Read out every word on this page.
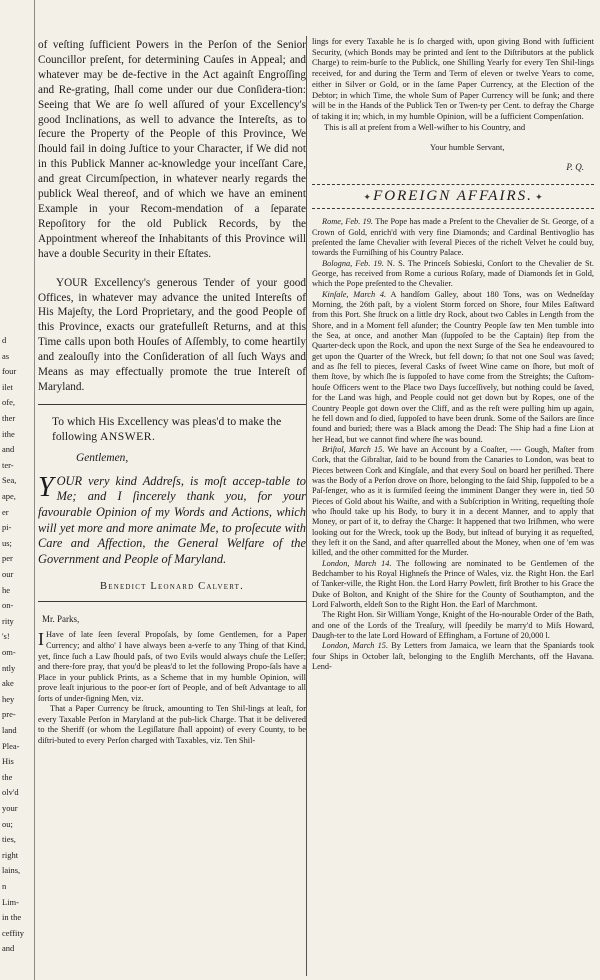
d
as
four
ilet
ofe,
ther
ithe
and
ter-
Sea,
ape,
er
pi-
us;
per
our
he
on-
rity
's!
om-
ntly
ake
hey
pre-
land
Plea-
His
the
olv'd
your
ou;
ties,
right
lains,
n
Lim-
in the
ceffity
and

of veſting ſufficient Powers in the Perſon of the Senior Councillor preſent, for determining Cauſes in Appeal; and whatever may be de-fective in the Act againſt Engroſſing and Re-grating, ſhall come under our due Conſidera-tion: Seeing that We are ſo well aſſured of your Excellency's good Inclinations, as well to advance the Intereſts, as to ſecure the Property of the People of this Province, We ſhould fail in doing Juſtice to your Character, if We did not in this Publick Manner ac-knowledge your inceſſant Care, and great Circumſpection, in whatever nearly regards the publick Weal thereof, and of which we have an eminent Example in your Recom-mendation of a ſeparate Repoſitory for the old Publick Records, by the Appointment whereof the Inhabitants of this Province will have a double Security in their Eſtates.

YOUR Excellency's generous Tender of your good Offices, in whatever may advance the united Intereſts of His Majeſty, the Lord Proprietary, and the good People of this Province, exacts our gratefulleſt Returns, and at this Time calls upon both Houſes of Aſſembly, to come heartily and zealouſly into the Conſideration of all ſuch Ways and Means as may effectually promote the true Intereſt of Maryland.

To which His Excellency was pleas'd to make the following ANSWER.

Gentlemen,

YOUR very kind Addreſs, is moſt accep-table to Me; and I ſincerely thank you, for your favourable Opinion of my Words and Actions, which will yet more and more animate Me, to proſecute with Care and Affection, the General Welfare of the Government and People of Maryland.

Benedict Leonard Calvert.
Mr. Parks,

I Have of late ſeen ſeveral Propoſals, by ſome Gentlemen, for a Paper Currency; and altho' I have always been a-verſe to any Thing of that Kind, yet, ſince ſuch a Law ſhould paſs, of two Evils would always chuſe the Leſſer; and there-fore pray, that you'd be pleas'd to let the following Propo-ſals have a Place in your publick Prints, as a Scheme that in my humble Opinion, will prove leaſt injurious to the poor-er ſort of People, and of beſt Advantage to all ſorts of under-ſigning Men, viz.

That a Paper Currency be ſtruck, amounting to Ten Shil-lings at leaſt, for every Taxable Perſon in Maryland at the pub-lick Charge. That it be delivered to the Sheriff (or whom the Legiſlature ſhall appoint) of every County, to be diſtri-buted to every Perſon charged with Taxables, viz. Ten Shil-

lings for every Taxable he is ſo charged with, upon giving Bond with ſufficient Security, (which Bonds may be printed and ſent to the Diſtributors at the publick Charge) to reim-burſe to the Publick, one Shilling Yearly for every Ten Shil-lings received, for and during the Term and Term of eleven or twelve Years to come, either in Silver or Gold, or in the ſame Paper Currency, at the Election of the Debtor; in which Time, the whole Sum of Paper Currency will be ſunk; and there will be in the Hands of the Publick Ten or Twen-ty per Cent. to defray the Charge of taking it in; which, in my humble Opinion, will be a ſufficient Compenſation.

This is all at preſent from a Well-wiſher to his Country, and

Your humble Servant,
P. Q.
✦ FOREIGN AFFAIRS. ✦

Rome, Feb. 19. The Pope has made a Preſent to the Chevalier de St. George, of a Crown of Gold, enrich'd with very fine Diamonds; and Cardinal Bentivoglio has preſented the ſame Chevalier with ſeveral Pieces of the richeſt Velvet he could buy, towards the Furniſhing of his Country Palace.

Bologna, Feb. 19. N. S. The Princeſs Sobieski, Conſort to the Chevalier de St. George, has received from Rome a curious Roſary, made of Diamonds ſet in Gold, which the Pope preſented to the Chevalier.

Kinſale, March 4. A handſom Galley, about 180 Tons, was on Wedneſday Morning, the 26th paſt, by a violent Storm forced on Shore, four Miles Eaſtward from this Port. She ſtruck on a little dry Rock, about two Cables in Length from the Shore, and in a Moment fell aſunder; the Country People ſaw ten Men tumble into the Sea, at once, and another Man (ſuppoſed to be the Captain) ſtep from the Quarter-deck upon the Rock, and upon the next Surge of the Sea he endeavoured to get upon the Quarter of the Wreck, but fell down; ſo that not one Soul was ſaved; and as ſhe fell to pieces, ſeveral Casks of ſweet Wine came on ſhore, but moſt of them ſtove, by which ſhe is ſuppoſed to have come from the Streights; the Cuſtom-houſe Officers went to the Place two Days ſucceſſively, but nothing could be ſaved, for the Land was high, and People could not get down but by Ropes, one of the Country People got down over the Cliff, and as the reſt were pulling him up again, he fell down and ſo died, ſuppoſed to have been drunk. Some of the Sailors are ſince found and buried; there was a Black among the Dead: The Ship had a fine Lion at her Head, but we cannot find where ſhe was bound.

Briſtol, March 15. We have an Account by a Coaſter, ---- Gough, Maſter from Cork, that the Gibraltar, ſaid to be bound from the Canaries to London, was beat to Pieces between Cork and Kingſale, and that every Soul on board her periſhed. There was the Body of a Perſon drove on ſhore, belonging to the ſaid Ship, ſuppoſed to be a Paſ-ſenger, who as it is ſurmiſed ſeeing the imminent Danger they were in, tied 50 Pieces of Gold about his Waiſte, and with a Subſcription in Writing, requeſting thoſe who ſhould take up his Body, to bury it in a decent Manner, and to apply that Money, or part of it, to defray the Charge: It happened that two Iriſhmen, who were looking out for the Wreck, took up the Body, but inſtead of burying it as requeſted, they left it on the Sand, and after quarrelled about the Money, when one of 'em was killed, and the other committed for the Murder.

London, March 14. The following are nominated to be Gentlemen of the Bedchamber to his Royal Highneſs the Prince of Wales, viz. the Right Hon. the Earl of Tanker-ville, the Right Hon. the Lord Harry Powlett, firſt Brother to his Grace the Duke of Bolton, and Knight of the Shire for the County of Southampton, and the Lord Falworth, eldeſt Son to the Right Hon. the Earl of Marchmont.

The Right Hon. Sir William Yonge, Knight of the Ho-nourable Order of the Bath, and one of the Lords of the Treaſury, will ſpeedily be marry'd to Miſs Howard, Daugh-ter to the late Lord Howard of Effingham, a Fortune of 20,000 l.

London, March 15. By Letters from Jamaica, we learn that the Spaniards took four Ships in October laſt, belonging to the Engliſh Merchants, off the Havana. Lend-
